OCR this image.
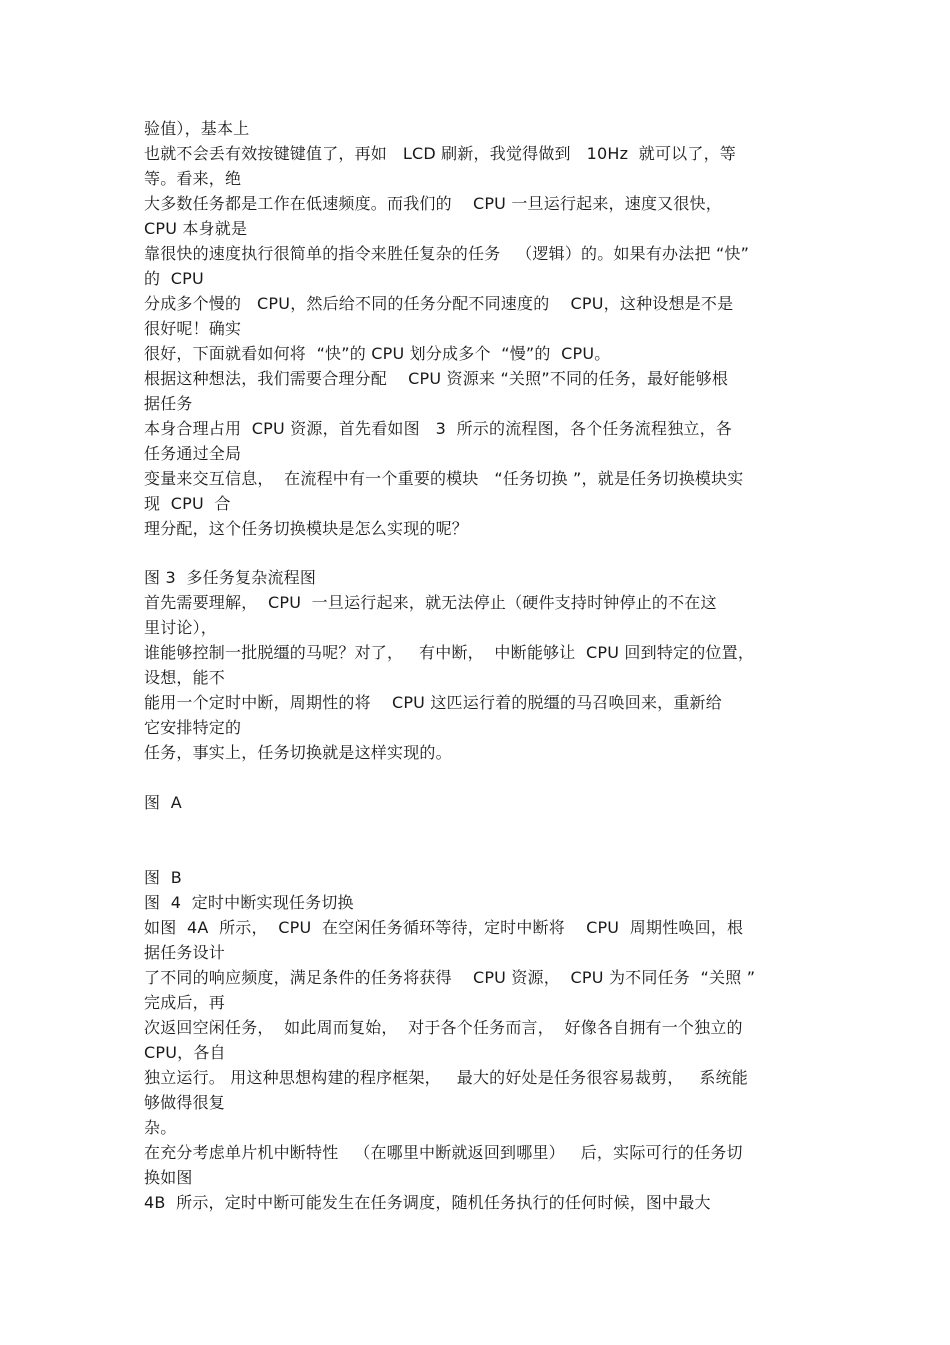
验值），基本上

也就不会丢有效按键键值了，再如   LCD 刷新，我觉得做到   10Hz  就可以了，等

等。看来，绝

大多数任务都是工作在低速频度。而我们的    CPU 一旦运行起来，速度又很快，

CPU 本身就是

靠很快的速度执行很简单的指令来胜任复杂的任务   （逻辑）的。如果有办法把 “快”

的  CPU

分成多个慢的   CPU，然后给不同的任务分配不同速度的    CPU，这种设想是不是

很好呢！确实

很好，下面就看如何将  “快”的 CPU 划分成多个  “慢”的  CPU。

根据这种想法，我们需要合理分配    CPU 资源来 “关照”不同的任务，最好能够根

据任务

本身合理占用  CPU 资源，首先看如图   3  所示的流程图，各个任务流程独立，各

任务通过全局

变量来交互信息，  在流程中有一个重要的模块   “任务切换 ”，就是任务切换模块实

现  CPU  合

理分配，这个任务切换模块是怎么实现的呢？

图 3  多任务复杂流程图

首先需要理解，  CPU  一旦运行起来，就无法停止（硬件支持时钟停止的不在这

里讨论），

谁能够控制一批脱缰的马呢？对了，   有中断，  中断能够让  CPU 回到特定的位置，

设想，能不

能用一个定时中断，周期性的将    CPU 这匹运行着的脱缰的马召唤回来，重新给

它安排特定的

任务，事实上，任务切换就是这样实现的。

图  A

图  B

图  4  定时中断实现任务切换

如图  4A  所示，  CPU  在空闲任务循环等待，定时中断将    CPU  周期性唤回，根

据任务设计

了不同的响应频度，满足条件的任务将获得    CPU 资源，  CPU 为不同任务  “关照 ”

完成后，再

次返回空闲任务，  如此周而复始，  对于各个任务而言，  好像各自拥有一个独立的

CPU，各自

独立运行。 用这种思想构建的程序框架，   最大的好处是任务很容易裁剪，   系统能

够做得很复

杂。

在充分考虑单片机中断特性   （在哪里中断就返回到哪里）   后，实际可行的任务切

换如图

4B  所示，定时中断可能发生在任务调度，随机任务执行的任何时候，图中最大
